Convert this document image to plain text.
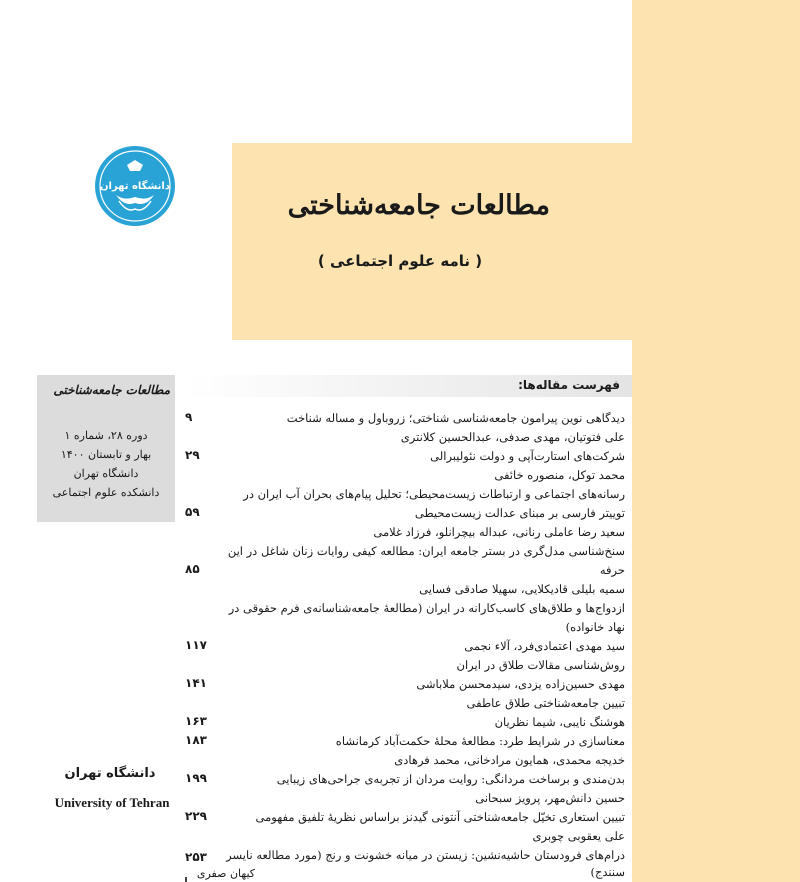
مطالعات جامعه‌شناختی
( نامه علوم اجتماعی )
دانشگاه تهران
مطالعات جامعه‌شناختی
دوره ۲۸، شماره ۱
بهار و تابستان ۱۴۰۰
دانشگاه تهران
دانشکده علوم اجتماعی
دانشگاه تهران
University of Tehran
فهرست مقاله‌ها:
دیدگاهی نوین پیرامون جامعه‌شناسی شناختی؛ زروباول و مساله شناخت
علی فتوتیان، مهدی صدفی، عبدالحسین کلانتری
شرکت‌های استارت‌آپی و دولت نئولیبرالی
محمد توکل، منصوره خائفی
رسانه‌های اجتماعی و ارتباطات زیست‌محیطی؛ تحلیل پیام‌های بحران آب ایران در
توییتر فارسی بر مبنای عدالت زیست‌محیطی
سعید رضا عاملی رنانی، عبداله بیچرانلو، فرزاد غلامی
سنخ‌شناسی مدل‌گری در بستر جامعه ایران: مطالعه کیفی روایات زنان شاغل در این
حرفه
سمیه بلیلی قادیکلایی، سهیلا صادقی فسایی
ازدواج‌ها و طلاق‌های کاسب‌کارانه در ایران (مطالعۀ جامعه‌شناسانه‌ی فرم حقوقی در
نهاد خانواده)
سید مهدی اعتمادی‌فرد، آلاء نجمی
روش‌شناسی مقالات طلاق در ایران
مهدی حسین‌زاده یزدی، سیدمحسن ملاباشی
تبیین جامعه‌شناختی طلاق عاطفی
هوشنگ نایبی، شیما نظریان
معناسازی در شرایط طرد: مطالعۀ محلۀ حکمت‌آباد کرمانشاه
خدیجه محمدی، همایون مرادخانی، محمد فرهادی
بدن‌مندی و برساخت مردانگی: روایت مردان از تجربه‌ی جراحی‌های زیبایی
حسین دانش‌مهر، پرویز سبحانی
تبیین استعاری تخیّل جامعه‌شناختی آنتونی گیدنز براساس نظریۀ تلفیق مفهومی
علی یعقوبی چوبری
درام‌های فرودستان حاشیه‌نشین: زیستن در میانه خشونت و رنج (مورد مطالعه نایسر
سنندج)
۹
۲۹
۵۹
۸۵
۱۱۷
۱۴۱
۱۶۳
۱۸۳
۱۹۹
۲۲۹
۲۵۳
کیهان صفری
